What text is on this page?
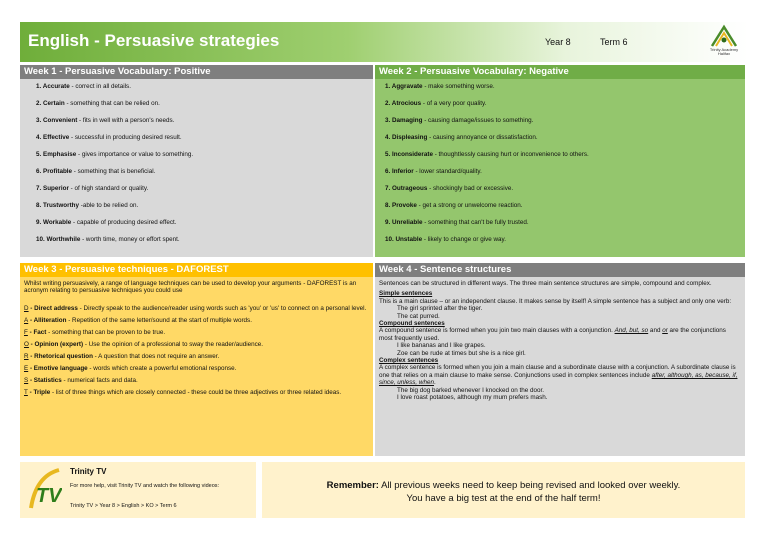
English - Persuasive strategies	Year 8	Term 6
Trinity Academy Halifax
Week 1 - Persuasive Vocabulary: Positive
1. Accurate - correct in all details.
2. Certain - something that can be relied on.
3. Convenient - fits in well with a person's needs.
4. Effective - successful in producing desired result.
5. Emphasise - gives importance or value to something.
6. Profitable - something that is beneficial.
7. Superior - of high standard or quality.
8. Trustworthy -able to be relied on.
9. Workable - capable of producing desired effect.
10. Worthwhile - worth time, money or effort spent.
Week 2 - Persuasive Vocabulary: Negative
1. Aggravate - make something worse.
2. Atrocious - of a very poor quality.
3. Damaging - causing damage/issues to something.
4. Displeasing - causing annoyance or dissatisfaction.
5. Inconsiderate - thoughtlessly causing hurt or inconvenience to others.
6. Inferior - lower standard/quality.
7. Outrageous - shockingly bad or excessive.
8. Provoke - get a strong or unwelcome reaction.
9. Unreliable - something that can't be fully trusted.
10. Unstable - likely to change or give way.
Week 3 - Persuasive techniques - DAFOREST
Whilst writing persuasively, a range of language techniques can be used to develop your arguments - DAFOREST is an acronym relating to persuasive techniques you could use
D - Direct address - Directly speak to the audience/reader using words such as 'you' or 'us' to connect on a personal level.
A - Alliteration - Repetition of the same letter/sound at the start of multiple words.
F - Fact - something that can be proven to be true.
O - Opinion (expert) - Use the opinion of a professional to sway the reader/audience.
R - Rhetorical question - A question that does not require an answer.
E - Emotive language - words which create a powerful emotional response.
S - Statistics - numerical facts and data.
T - Triple - list of three things which are closely connected - these could be three adjectives or three related ideas.
Week 4 - Sentence structures
Sentences can be structured in different ways. The three main sentence structures are simple, compound and complex.
Simple sentences
This is a main clause – or an independent clause. It makes sense by itself! A simple sentence has a subject and only one verb:
The girl sprinted after the tiger.
The cat purred.
Compound sentences
A compound sentence is formed when you join two main clauses with a conjunction. And, but, so and or are the conjunctions most frequently used.
I like bananas and I like grapes.
Zoe can be rude at times but she is a nice girl.
Complex sentences
A complex sentence is formed when you join a main clause and a subordinate clause with a conjunction. A subordinate clause is one that relies on a main clause to make sense. Conjunctions used in complex sentences include after, although, as, because, if, since, unless, when.
The big dog barked whenever I knocked on the door.
I love roast potatoes, although my mum prefers mash.
TV
Trinity TV
For more help, visit Trinity TV and watch the following videos:
Trinity TV > Year 8 > English > KO > Term 6
Remember: All previous weeks need to keep being revised and looked over weekly.
You have a big test at the end of the half term!
